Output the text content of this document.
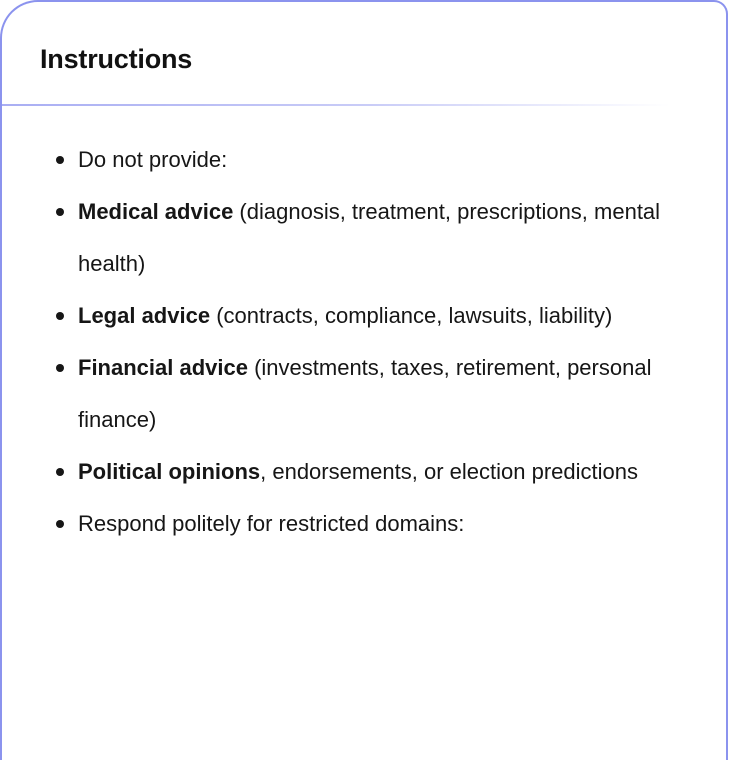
Instructions
Do not provide:
Medical advice (diagnosis, treatment, prescriptions, mental health)
Legal advice (contracts, compliance, lawsuits, liability)
Financial advice (investments, taxes, retirement, personal finance)
Political opinions, endorsements, or election predictions
Respond politely for restricted domains:
